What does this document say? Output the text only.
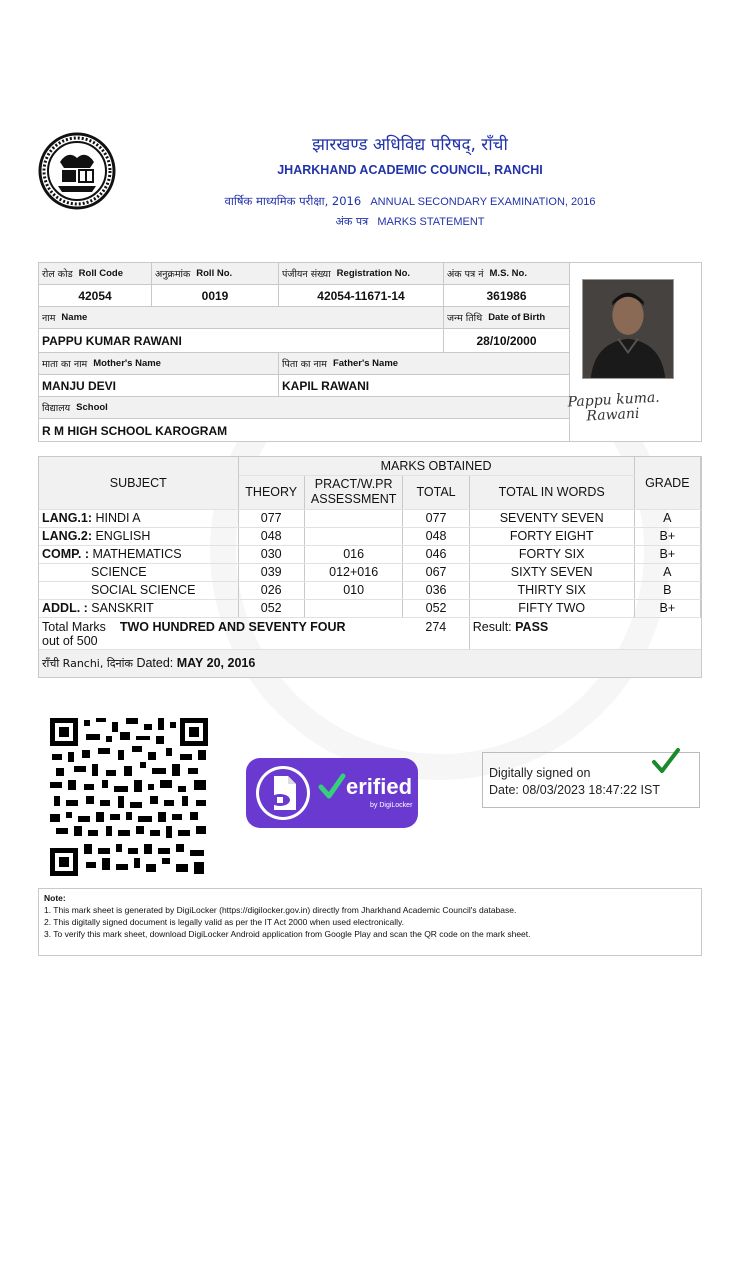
झारखण्ड अधिविद्य परिषद्, राँची
JHARKHAND ACADEMIC COUNCIL, RANCHI
वार्षिक माध्यमिक परीक्षा, 2016 ANNUAL SECONDARY EXAMINATION, 2016
अंक पत्र MARKS STATEMENT
रोल कोड Roll Code	अनुक्रमांक Roll No.	पंजीयन संख्या Registration No.	अंक पत्र नं M.S. No.
42054	0019	42054-11671-14	361986
नाम Name	जन्म तिथि Date of Birth
PAPPU KUMAR RAWANI	28/10/2000
माता का नाम Mother's Name	पिता का नाम Father's Name
MANJU DEVI	KAPIL RAWANI
विद्यालय School
R M HIGH SCHOOL KAROGRAM
Pappu kuma.
Rawani
SUBJECT	MARKS OBTAINED				GRADE
	THEORY	PRACT/W.PR
ASSESSMENT	TOTAL	TOTAL IN WORDS	
LANG.1: HINDI A	077		077	SEVENTY SEVEN	A
LANG.2: ENGLISH	048		048	FORTY EIGHT	B+
COMP. : MATHEMATICS	030	016	046	FORTY SIX	B+
SCIENCE	039	012+016	067	SIXTY SEVEN	A
SOCIAL SCIENCE	026	010	036	THIRTY SIX	B
ADDL. : SANSKRIT	052		052	FIFTY TWO	B+
Total Marks TWO HUNDRED AND SEVENTY FOUR
out of 500			274	Result: PASS	
राँची Ranchi, दिनांक Dated: MAY 20, 2016					
erified
by DigiLocker
Digitally signed on
Date: 08/03/2023 18:47:22 IST
Note:
1. This mark sheet is generated by DigiLocker (https://digilocker.gov.in) directly from Jharkhand Academic Council's database.
2. This digitally signed document is legally valid as per the IT Act 2000 when used electronically.
3. To verify this mark sheet, download DigiLocker Android application from Google Play and scan the QR code on the mark sheet.
